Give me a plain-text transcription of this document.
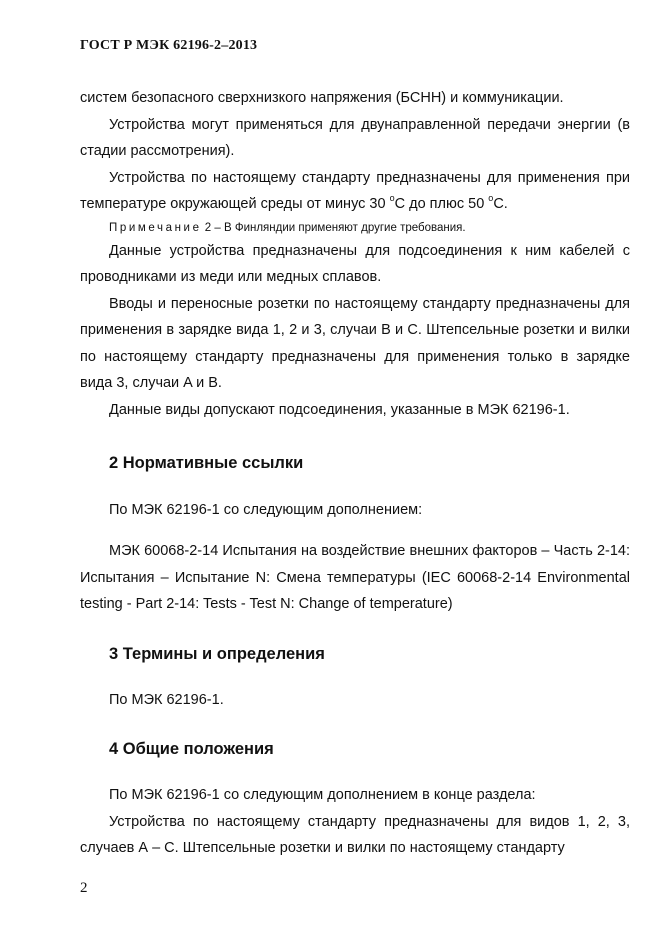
ГОСТ Р МЭК 62196-2–2013

систем безопасного сверхнизкого напряжения (БСНН) и коммуникации.

Устройства могут применяться для двунаправленной передачи энергии (в стадии рассмотрения).

Устройства по настоящему стандарту предназначены для применения при температуре окружающей среды от минус 30 $^o$С до плюс 50 $^o$С.

Примечание 2 – В Финляндии применяют другие требования.

Данные устройства предназначены для подсоединения к ним кабелей с проводниками из меди или медных сплавов.

Вводы и переносные розетки по настоящему стандарту предназначены для применения в зарядке вида 1, 2 и 3, случаи B и C. Штепсельные розетки и вилки по настоящему стандарту предназначены для применения только в зарядке вида 3, случаи A и B.

Данные виды допускают подсоединения, указанные в МЭК 62196-1.

2 Нормативные ссылки

По МЭК 62196-1 со следующим дополнением:

МЭК 60068-2-14 Испытания на воздействие внешних факторов – Часть 2-14: Испытания – Испытание N: Смена температуры (IEC 60068-2-14 Environmental testing - Part 2-14: Tests - Test N: Change of temperature)

3 Термины и определения

По МЭК 62196-1.

4 Общие положения

По МЭК 62196-1 со следующим дополнением в конце раздела:

Устройства по настоящему стандарту предназначены для видов 1, 2, 3, случаев А – С. Штепсельные розетки и вилки по настоящему стандарту

2
